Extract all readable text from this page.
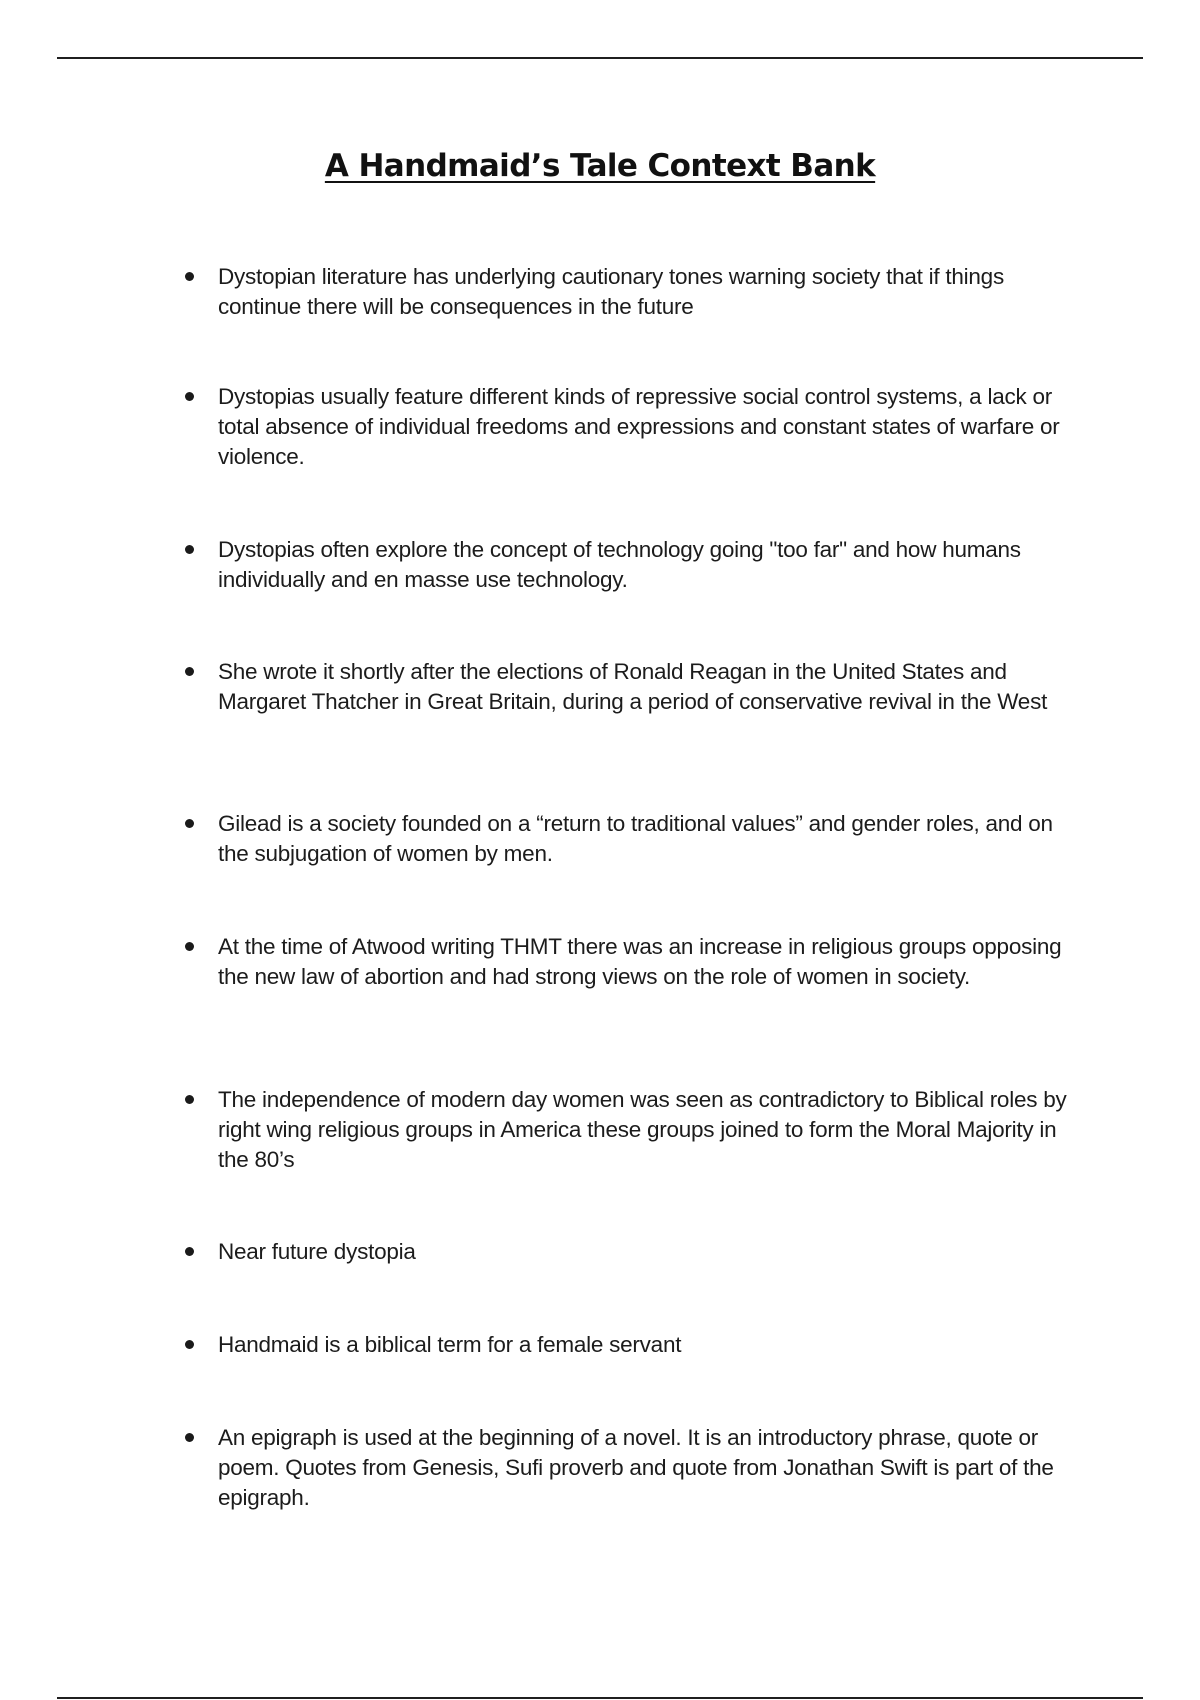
A Handmaid’s Tale Context Bank
Dystopian literature has underlying cautionary tones warning society that if things continue there will be consequences in the future
Dystopias usually feature different kinds of repressive social control systems, a lack or total absence of individual freedoms and expressions and constant states of warfare or violence.
Dystopias often explore the concept of technology going "too far" and how humans individually and en masse use technology.
She wrote it shortly after the elections of Ronald Reagan in the United States and Margaret Thatcher in Great Britain, during a period of conservative revival in the West
Gilead is a society founded on a “return to traditional values” and gender roles, and on the subjugation of women by men.
At the time of Atwood writing THMT there was an increase in religious groups opposing the new law of abortion and had strong views on the role of women in society.
The independence of modern day women was seen as contradictory to Biblical roles by right wing religious groups in America these groups joined to form the Moral Majority in the 80’s
Near future dystopia
Handmaid is a biblical term for a female servant
An epigraph is used at the beginning of a novel. It is an introductory phrase, quote or poem. Quotes from Genesis, Sufi proverb and quote from Jonathan Swift is part of the epigraph.
